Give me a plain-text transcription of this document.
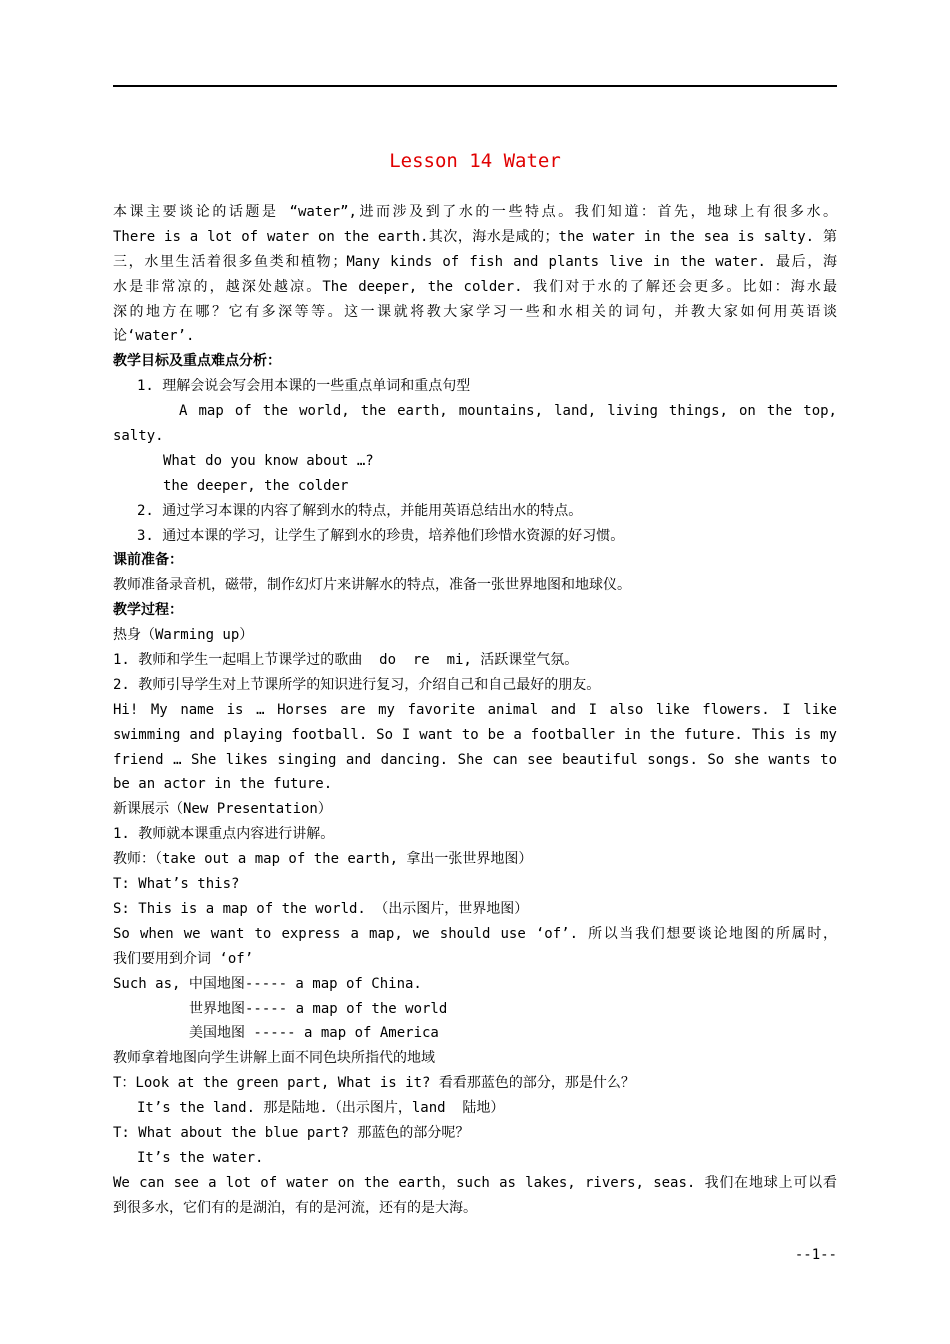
Lesson 14 Water
本课主要谈论的话题是 “water”,进而涉及到了水的一些特点。我们知道：首先，地球上有很多水。
There is a lot of water on the earth.其次，海水是咸的；the water in the sea is salty. 第
三，水里生活着很多鱼类和植物；Many kinds of fish and plants live in the water. 最后，海
水是非常凉的，越深处越凉。The deeper, the colder. 我们对于水的了解还会更多。比如：海水最
深的地方在哪？它有多深等等。这一课就将教大家学习一些和水相关的词句，并教大家如何用英语谈
论‘water’.
教学目标及重点难点分析：
1. 理解会说会写会用本课的一些重点单词和重点句型
A map of the world, the earth, mountains, land, living things, on the top,
salty.
What do you know about …?
the deeper, the colder
2. 通过学习本课的内容了解到水的特点，并能用英语总结出水的特点。
3. 通过本课的学习，让学生了解到水的珍贵，培养他们珍惜水资源的好习惯。
课前准备：
教师准备录音机，磁带，制作幻灯片来讲解水的特点，准备一张世界地图和地球仪。
教学过程：
热身（Warming up）
1. 教师和学生一起唱上节课学过的歌曲  do  re  mi, 活跃课堂气氛。
2. 教师引导学生对上节课所学的知识进行复习，介绍自己和自己最好的朋友。
Hi! My name is … Horses are my favorite animal and I also like flowers. I like
swimming and playing football. So I want to be a footballer in the future. This is my
friend … She likes singing and dancing. She can see beautiful songs. So she wants to
be an actor in the future.
新课展示（New Presentation）
1. 教师就本课重点内容进行讲解。
教师：（take out a map of the earth, 拿出一张世界地图）
T: What’s this?
S: This is a map of the world. （出示图片，世界地图）
So when we want to express a map, we should use ‘of’. 所以当我们想要谈论地图的所属时，
我们要用到介词 ‘of’
Such as, 中国地图----- a map of China.
世界地图----- a map of the world
美国地图 ----- a map of America
教师拿着地图向学生讲解上面不同色块所指代的地域
T：Look at the green part, What is it? 看看那蓝色的部分，那是什么？
It’s the land. 那是陆地.（出示图片，land  陆地）
T: What about the blue part? 那蓝色的部分呢？
It’s the water.
We can see a lot of water on the earth，such as lakes, rivers, seas. 我们在地球上可以看
到很多水，它们有的是湖泊，有的是河流，还有的是大海。
--1--
